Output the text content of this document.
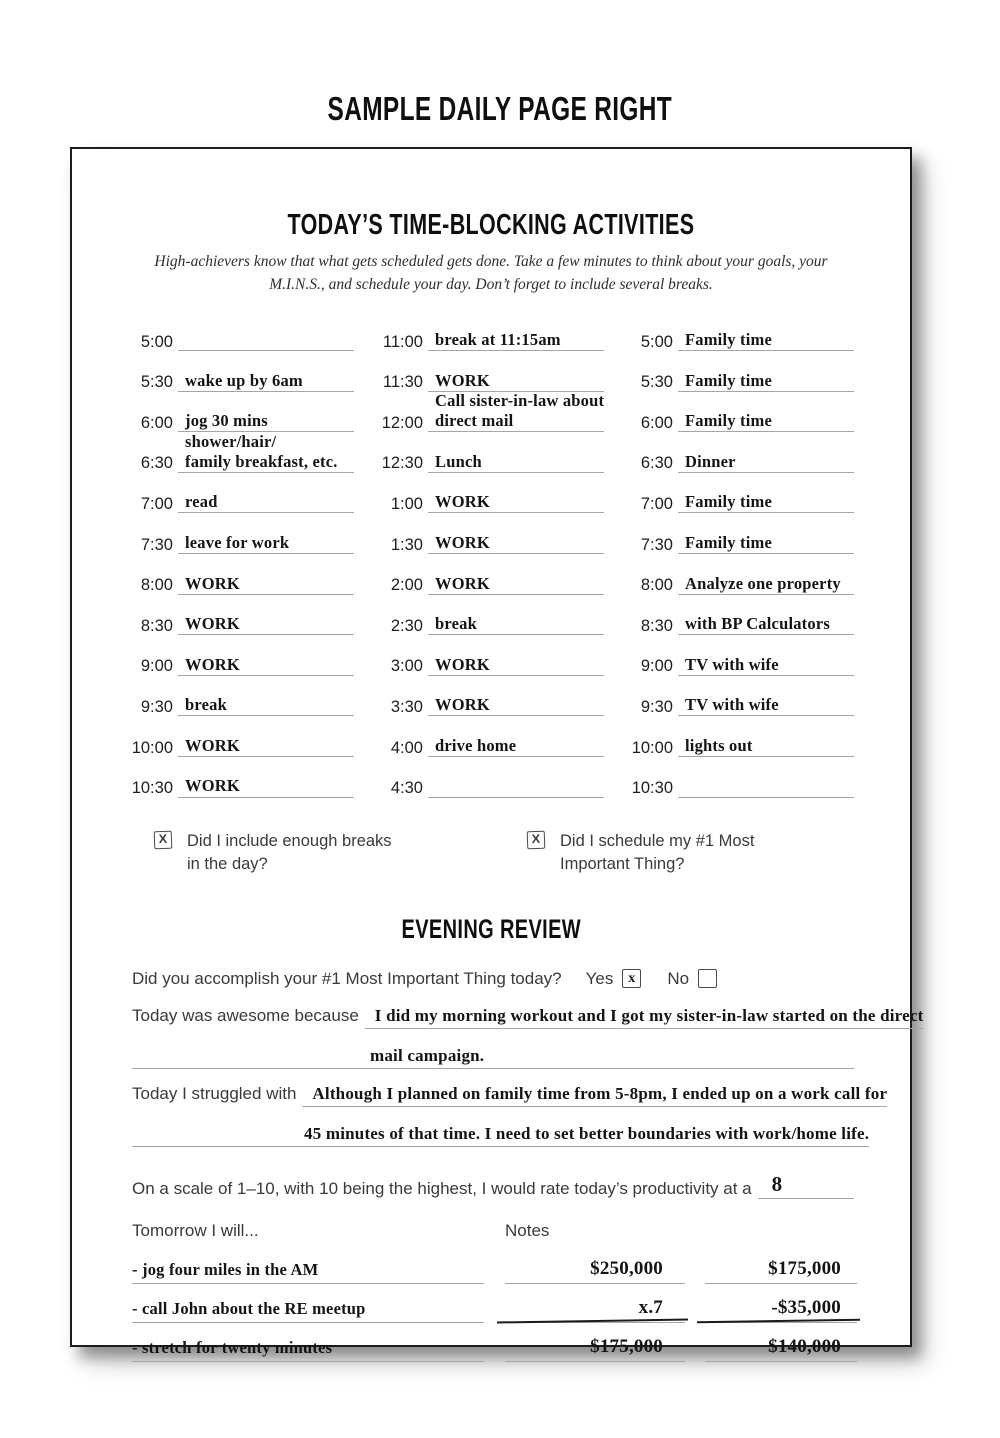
SAMPLE DAILY PAGE RIGHT
TODAY’S TIME-BLOCKING ACTIVITIES
High-achievers know that what gets scheduled gets done. Take a few minutes to think about your goals, your
M.I.N.S., and schedule your day. Don’t forget to include several breaks.
5:00
5:30 wake up by 6am
6:00 jog 30 mins
6:30
shower/hair/
family breakfast, etc.
7:00 read
7:30 leave for work
8:00 WORK
8:30 WORK
9:00 WORK
9:30 break
10:00 WORK
10:30 WORK
11:00 break at 11:15am
11:30 WORK
12:00
Call sister-in-law about
direct mail
12:30 Lunch
1:00 WORK
1:30 WORK
2:00 WORK
2:30 break
3:00 WORK
3:30 WORK
4:00 drive home
4:30
5:00 Family time
5:30 Family time
6:00 Family time
6:30 Dinner
7:00 Family time
7:30 Family time
8:00 Analyze one property
8:30 with BP Calculators
9:00 TV with wife
9:30 TV with wife
10:00 lights out
10:30
X Did I include enough breaks
in the day?
X Did I schedule my #1 Most
Important Thing?
EVENING REVIEW
Did you accomplish your #1 Most Important Thing today? Yes x No
Today was awesome because I did my morning workout and I got my sister-in-law started on the direct
mail campaign.
Today I struggled with Although I planned on family time from 5-8pm, I ended up on a work call for
45 minutes of that time. I need to set better boundaries with work/home life.
On a scale of 1–10, with 10 being the highest, I would rate today’s productivity at a 8
Tomorrow I will...
- jog four miles in the AM
- call John about the RE meetup
- stretch for twenty minutes
Notes
$250,000
x.7
$175,000
$175,000
-$35,000
$140,000
